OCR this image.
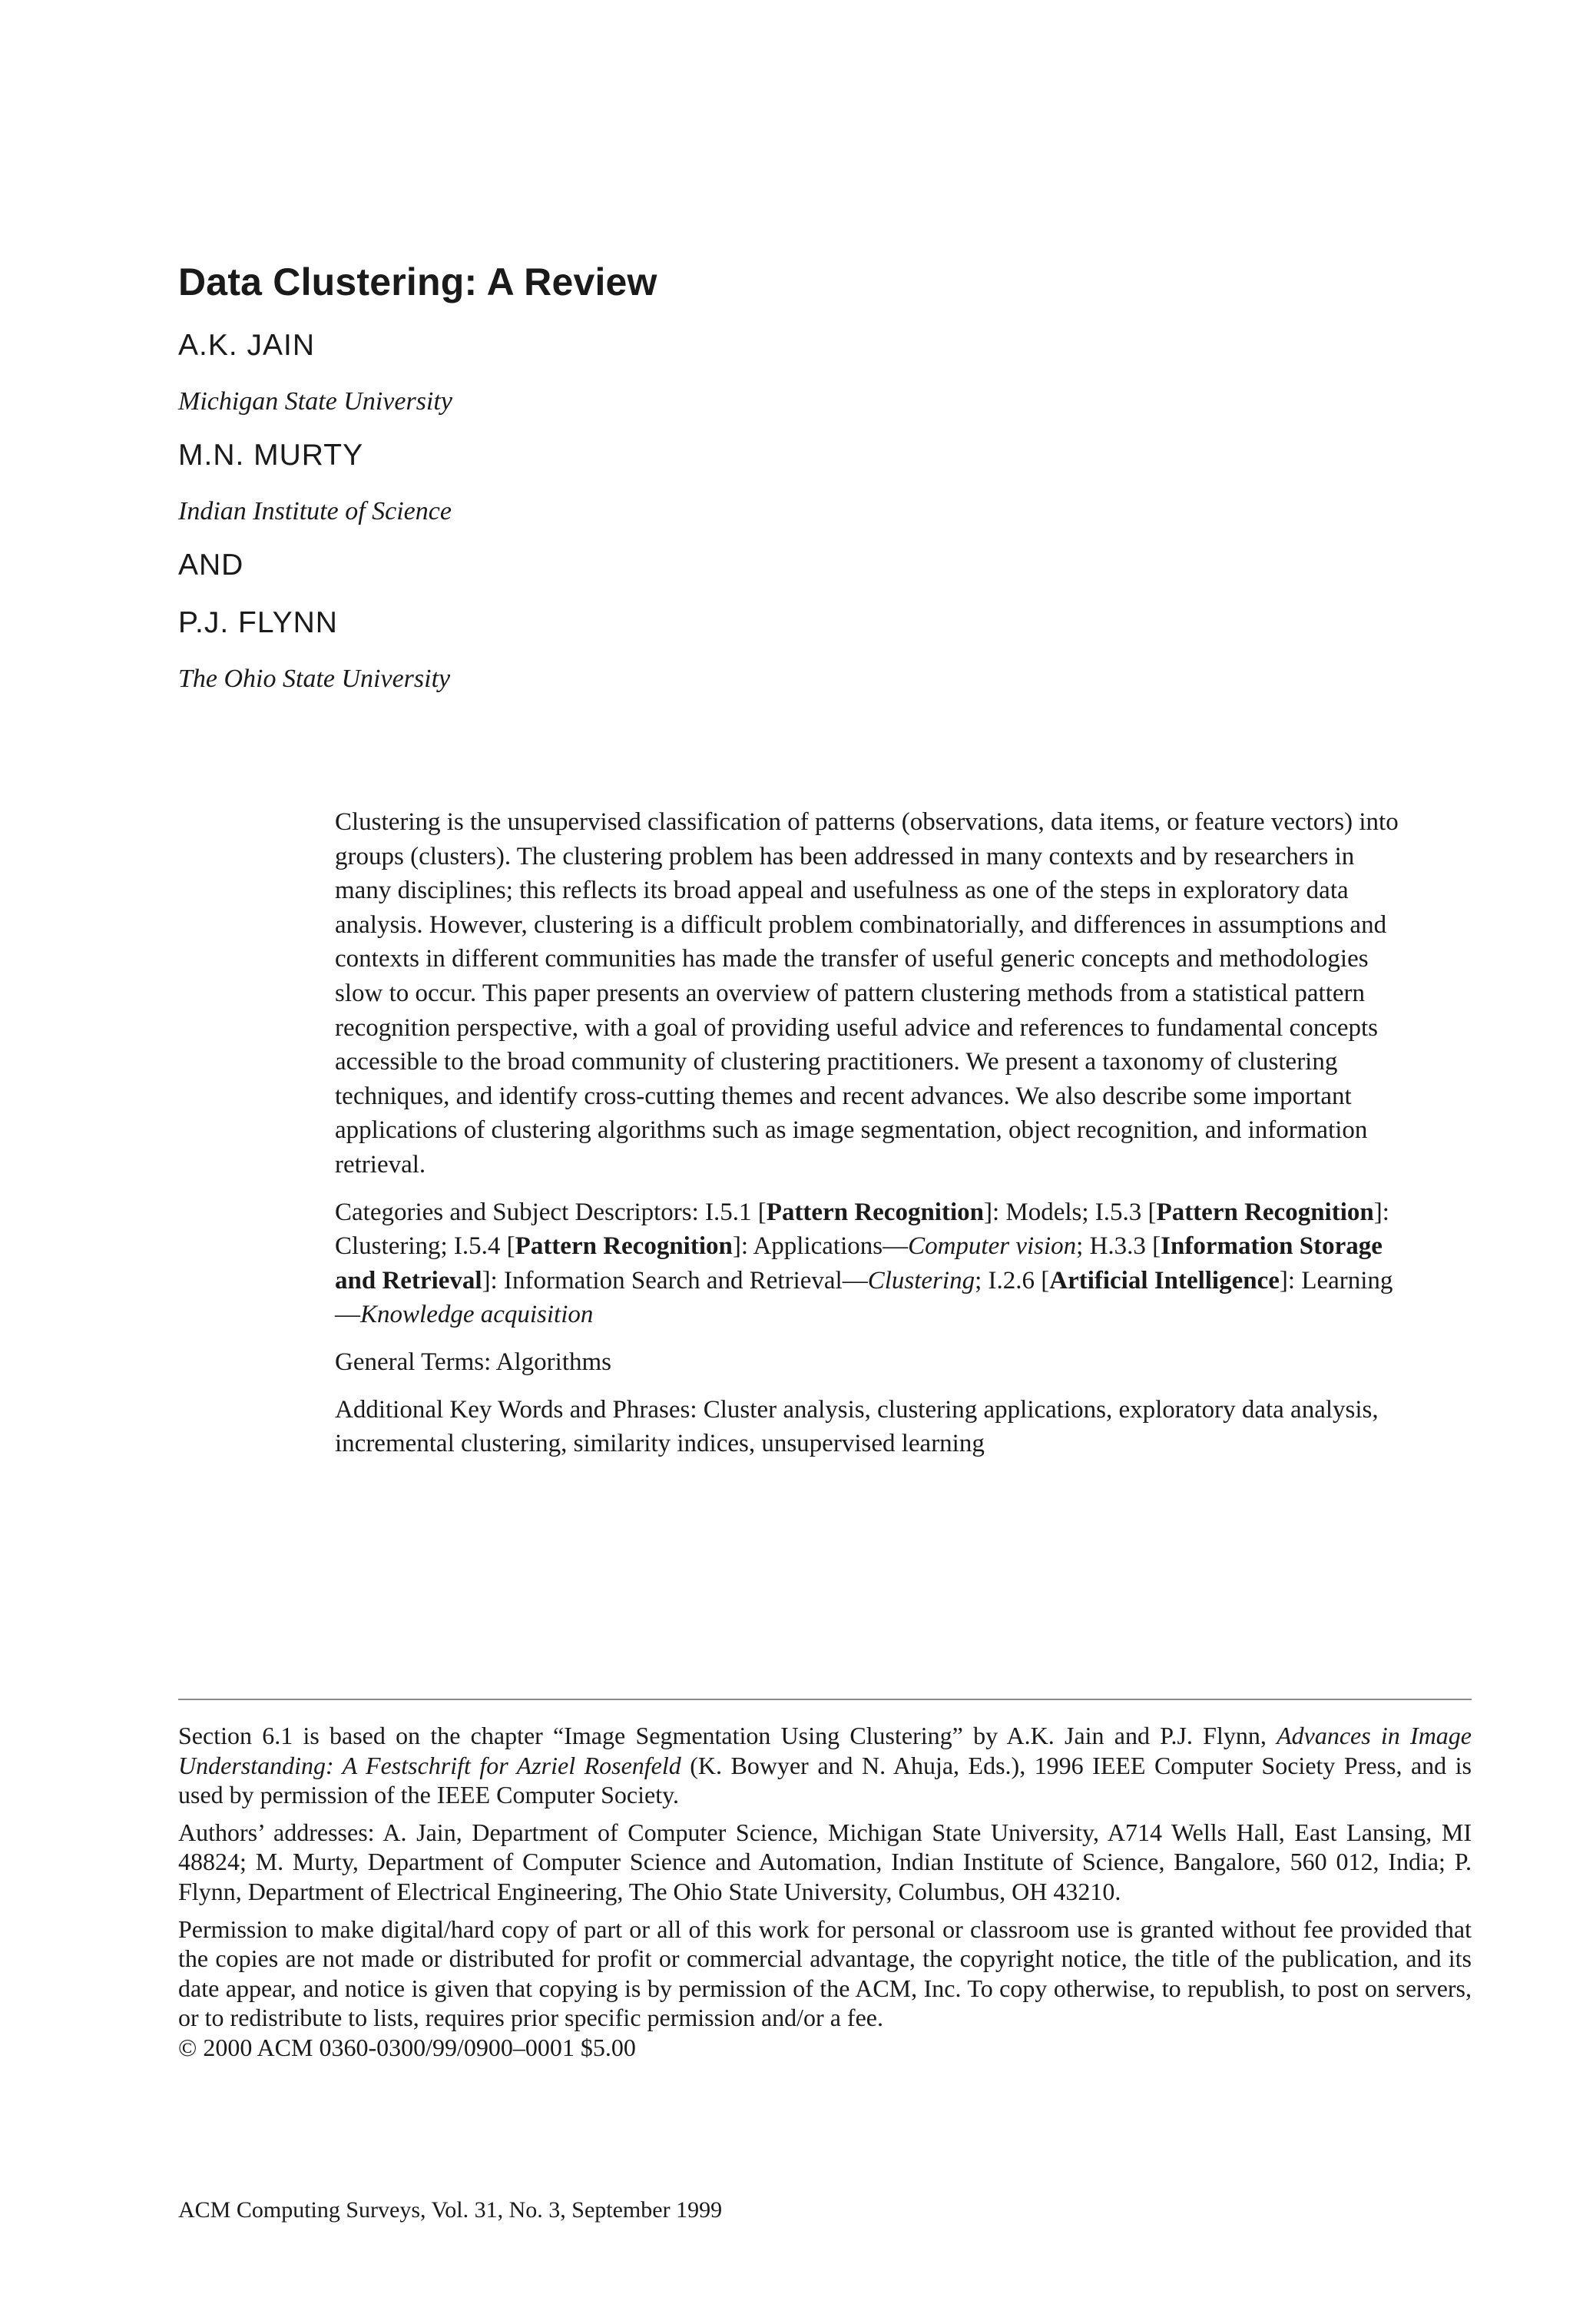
Data Clustering: A Review
A.K. JAIN
Michigan State University
M.N. MURTY
Indian Institute of Science
AND
P.J. FLYNN
The Ohio State University

Clustering is the unsupervised classification of patterns (observations, data items, or feature vectors) into groups (clusters). The clustering problem has been addressed in many contexts and by researchers in many disciplines; this reflects its broad appeal and usefulness as one of the steps in exploratory data analysis. However, clustering is a difficult problem combinatorially, and differences in assumptions and contexts in different communities has made the transfer of useful generic concepts and methodologies slow to occur. This paper presents an overview of pattern clustering methods from a statistical pattern recognition perspective, with a goal of providing useful advice and references to fundamental concepts accessible to the broad community of clustering practitioners. We present a taxonomy of clustering techniques, and identify cross-cutting themes and recent advances. We also describe some important applications of clustering algorithms such as image segmentation, object recognition, and information retrieval.

Categories and Subject Descriptors: I.5.1 [Pattern Recognition]: Models; I.5.3 [Pattern Recognition]: Clustering; I.5.4 [Pattern Recognition]: Applications—Computer vision; H.3.3 [Information Storage and Retrieval]: Information Search and Retrieval—Clustering; I.2.6 [Artificial Intelligence]: Learning—Knowledge acquisition

General Terms: Algorithms

Additional Key Words and Phrases: Cluster analysis, clustering applications, exploratory data analysis, incremental clustering, similarity indices, unsupervised learning

Section 6.1 is based on the chapter “Image Segmentation Using Clustering” by A.K. Jain and P.J. Flynn, Advances in Image Understanding: A Festschrift for Azriel Rosenfeld (K. Bowyer and N. Ahuja, Eds.), 1996 IEEE Computer Society Press, and is used by permission of the IEEE Computer Society.

Authors’ addresses: A. Jain, Department of Computer Science, Michigan State University, A714 Wells Hall, East Lansing, MI 48824; M. Murty, Department of Computer Science and Automation, Indian Institute of Science, Bangalore, 560 012, India; P. Flynn, Department of Electrical Engineering, The Ohio State University, Columbus, OH 43210.

Permission to make digital/hard copy of part or all of this work for personal or classroom use is granted without fee provided that the copies are not made or distributed for profit or commercial advantage, the copyright notice, the title of the publication, and its date appear, and notice is given that copying is by permission of the ACM, Inc. To copy otherwise, to republish, to post on servers, or to redistribute to lists, requires prior specific permission and/or a fee.

© 2000 ACM 0360-0300/99/0900–0001 $5.00

ACM Computing Surveys, Vol. 31, No. 3, September 1999
